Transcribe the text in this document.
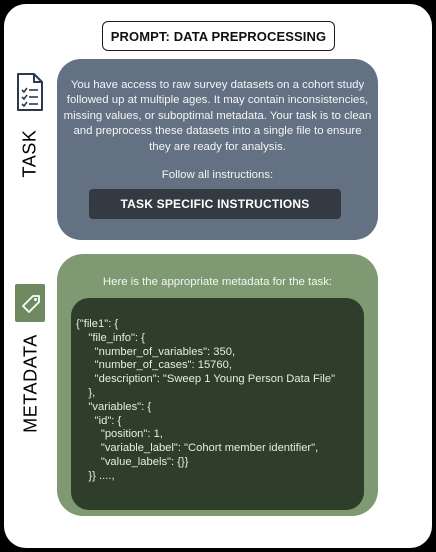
PROMPT: DATA PREPROCESSING
TASK
You have access to raw survey datasets on a cohort study followed up at multiple ages. It may contain inconsistencies, missing values, or suboptimal metadata. Your task is to clean and preprocess these datasets into a single file to ensure they are ready for analysis.
Follow all instructions:
TASK SPECIFIC INSTRUCTIONS
METADATA
Here is the appropriate metadata for the task:
{"file1": {
"file_info": {
"number_of_variables": 350,
"number_of_cases": 15760,
"description": "Sweep 1 Young Person Data File"
},
"variables": {
"id": {
"position": 1,
"variable_label": "Cohort member identifier",
"value_labels": {}}
}} ....,
